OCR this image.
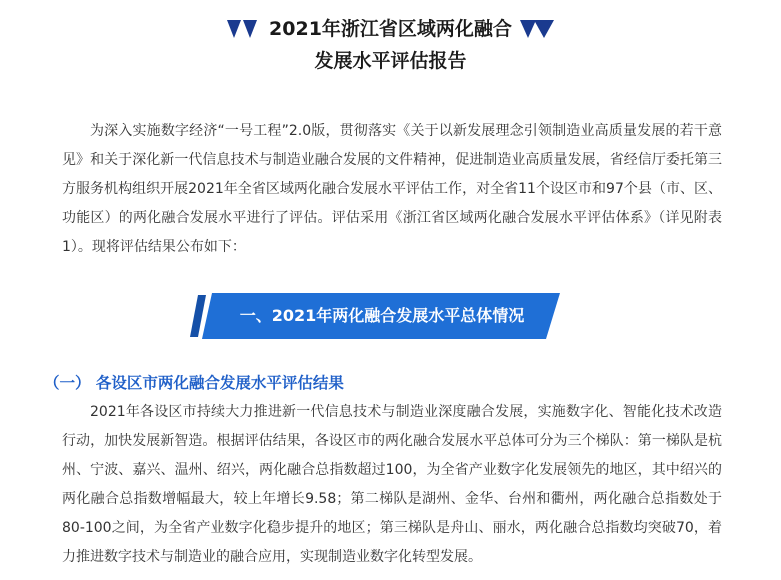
2021年浙江省区域两化融合
发展水平评估报告
为深入实施数字经济“一号工程”2.0版，贯彻落实《关于以新发展理念引领制造业高质量发展的若干意见》和关于深化新一代信息技术与制造业融合发展的文件精神，促进制造业高质量发展，省经信厅委托第三方服务机构组织开展2021年全省区域两化融合发展水平评估工作，对全省11个设区市和97个县（市、区、功能区）的两化融合发展水平进行了评估。评估采用《浙江省区域两化融合发展水平评估体系》（详见附表 1）。现将评估结果公布如下：
一、2021年两化融合发展水平总体情况
（一） 各设区市两化融合发展水平评估结果
2021年各设区市持续大力推进新一代信息技术与制造业深度融合发展，实施数字化、智能化技术改造行动，加快发展新智造。根据评估结果，各设区市的两化融合发展水平总体可分为三个梯队：第一梯队是杭州、宁波、嘉兴、温州、绍兴，两化融合总指数超过100，为全省产业数字化发展领先的地区，其中绍兴的两化融合总指数增幅最大，较上年增长9.58；第二梯队是湖州、金华、台州和衢州，两化融合总指数处于80-100之间，为全省产业数字化稳步提升的地区；第三梯队是舟山、丽水，两化融合总指数均突破70，着力推进数字技术与制造业的融合应用，实现制造业数字化转型发展。
